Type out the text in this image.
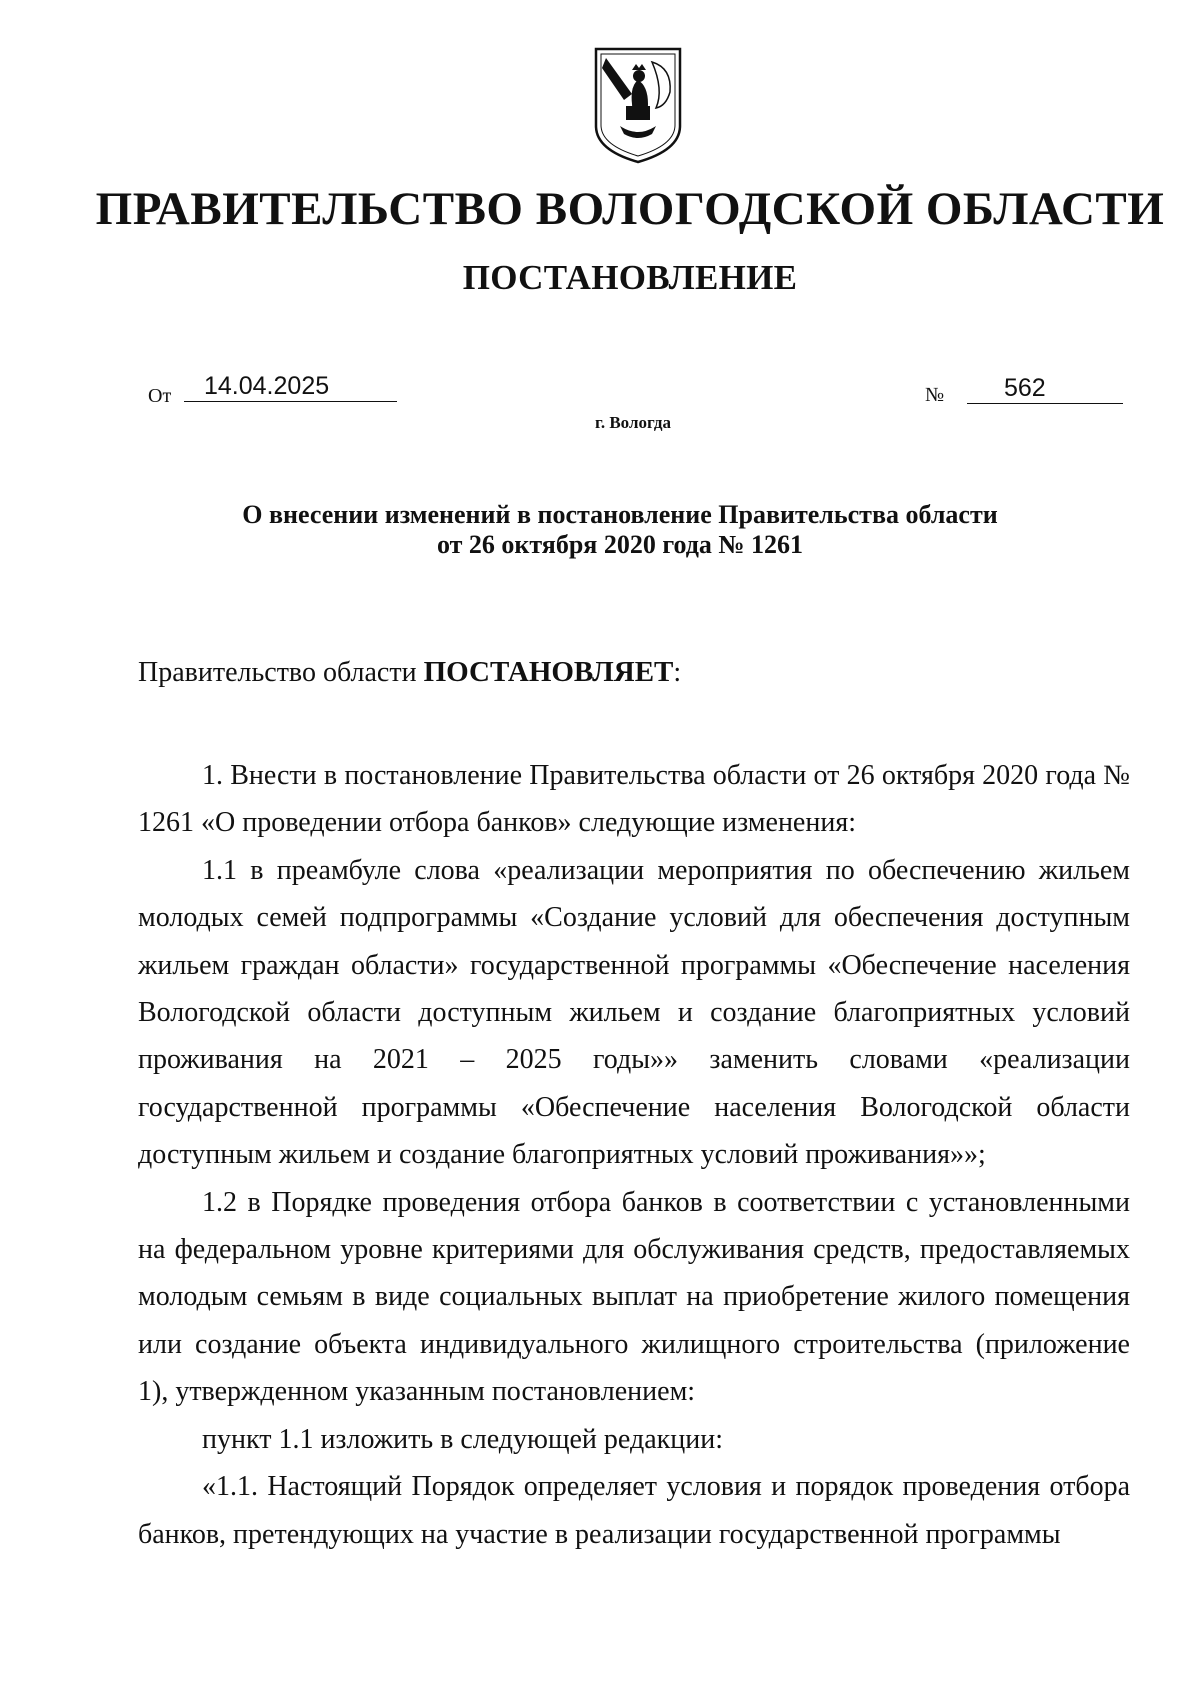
ПРАВИТЕЛЬСТВО ВОЛОГОДСКОЙ ОБЛАСТИ
ПОСТАНОВЛЕНИЕ
От	14.04.2025	№	562
г. Вологда
О внесении изменений в постановление Правительства области
от 26 октября 2020 года № 1261
Правительство области ПОСТАНОВЛЯЕТ:

1. Внести в постановление Правительства области от 26 октября 2020 года № 1261 «О проведении отбора банков» следующие изменения:

1.1 в преамбуле слова «реализации мероприятия по обеспечению жильем молодых семей подпрограммы «Создание условий для обеспечения доступным жильем граждан области» государственной программы «Обеспечение населения Вологодской области доступным жильем и создание благоприятных условий проживания на 2021 – 2025 годы»» заменить словами «реализации государственной программы «Обеспечение населения Вологодской области доступным жильем и создание благоприятных условий проживания»»;

1.2 в Порядке проведения отбора банков в соответствии с установленными на федеральном уровне критериями для обслуживания средств, предоставляемых молодым семьям в виде социальных выплат на приобретение жилого помещения или создание объекта индивидуального жилищного строительства (приложение 1), утвержденном указанным постановлением:

пункт 1.1 изложить в следующей редакции:

«1.1. Настоящий Порядок определяет условия и порядок проведения отбора банков, претендующих на участие в реализации государственной программы
